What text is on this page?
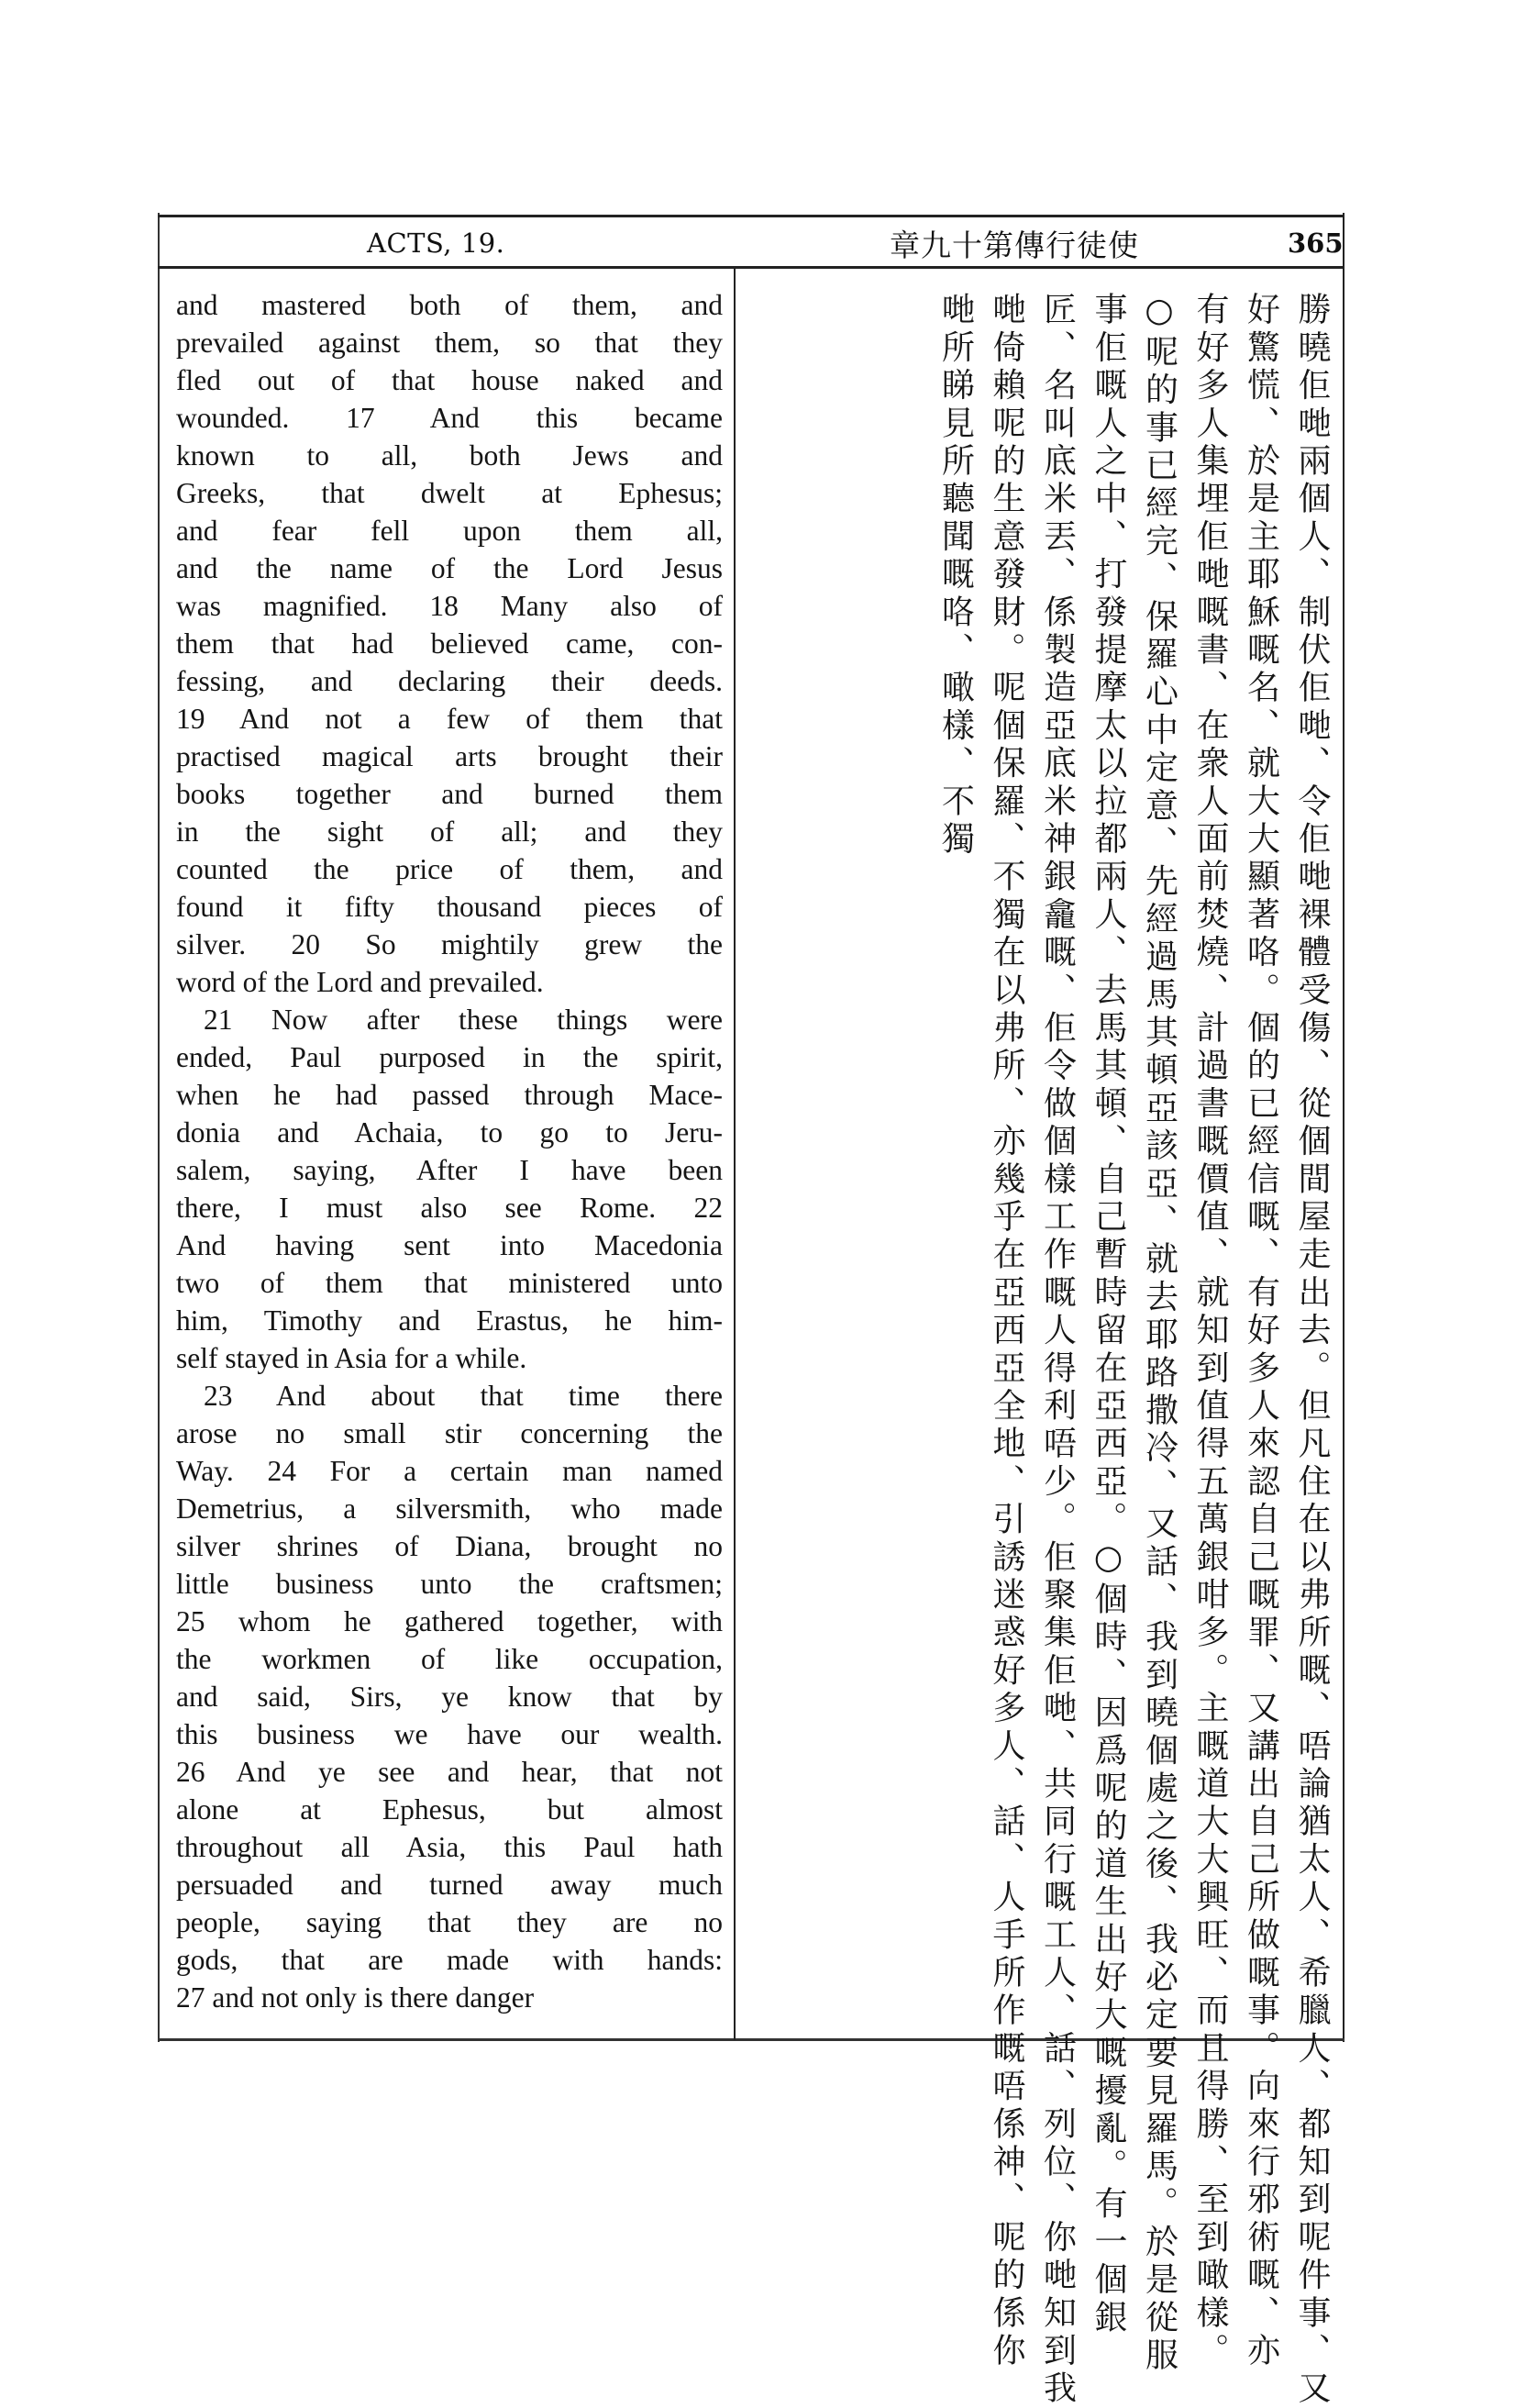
ACTS, 19.	章九十第傳行徒使	365
and mastered both of them, and
prevailed against them, so that they
fled out of that house naked and
wounded. 17 And this became
known to all, both Jews and
Greeks, that dwelt at Ephesus;
and fear fell upon them all,
and the name of the Lord Jesus
was magnified. 18 Many also of
them that had believed came, con-
fessing, and declaring their deeds.
19 And not a few of them that
practised magical arts brought their
books together and burned them
in the sight of all; and they
counted the price of them, and
found it fifty thousand pieces of
silver. 20 So mightily grew the
word of the Lord and prevailed.
21 Now after these things were
ended, Paul purposed in the spirit,
when he had passed through Mace-
donia and Achaia, to go to Jeru-
salem, saying, After I have been
there, I must also see Rome. 22
And having sent into Macedonia
two of them that ministered unto
him, Timothy and Erastus, he him-
self stayed in Asia for a while.
23 And about that time there
arose no small stir concerning the
Way. 24 For a certain man named
Demetrius, a silversmith, who made
silver shrines of Diana, brought no
little business unto the craftsmen;
25 whom he gathered together, with
the workmen of like occupation,
and said, Sirs, ye know that by
this business we have our wealth.
26 And ye see and hear, that not
alone at Ephesus, but almost
throughout all Asia, this Paul hath
persuaded and turned away much
people, saying that they are no
gods, that are made with hands:
27 and not only is there danger	勝曉佢哋兩個人、制伏佢哋、令佢哋裸體受傷、從個間屋走出去。但凡住在以弗所嘅、唔論猶太人、希臘人、都知到呢件事、又
好驚慌、於是主耶穌嘅名、就大大顯著咯。個的已經信嘅、有好多人來認自己嘅罪、又講出自己所做嘅事。向來行邪術嘅、亦
有好多人集埋佢哋嘅書、在衆人面前焚燒、計過書嘅價值、就知到值得五萬銀咁多。主嘅道大大興旺、而且得勝、至到噉樣。
○呢的事已經完、保羅心中定意、先經過馬其頓亞該亞、就去耶路撒冷、又話、我到曉個處之後、我必定要見羅馬。於是從服
事佢嘅人之中、打發提摩太以拉都兩人、去馬其頓、自己暫時留在亞西亞。○個時、因爲呢的道生出好大嘅擾亂。有一個銀
匠、名叫底米丟、係製造亞底米神銀龕嘅、佢令做個樣工作嘅人得利唔少。佢聚集佢哋、共同行嘅工人、話、列位、你哋知到我
哋倚賴呢的生意發財。呢個保羅、不獨在以弗所、亦幾乎在亞西亞全地、引誘迷惑好多人、話、人手所作嘅唔係神、呢的係你
哋所睇見所聽聞嘅咯、噉樣、不獨
